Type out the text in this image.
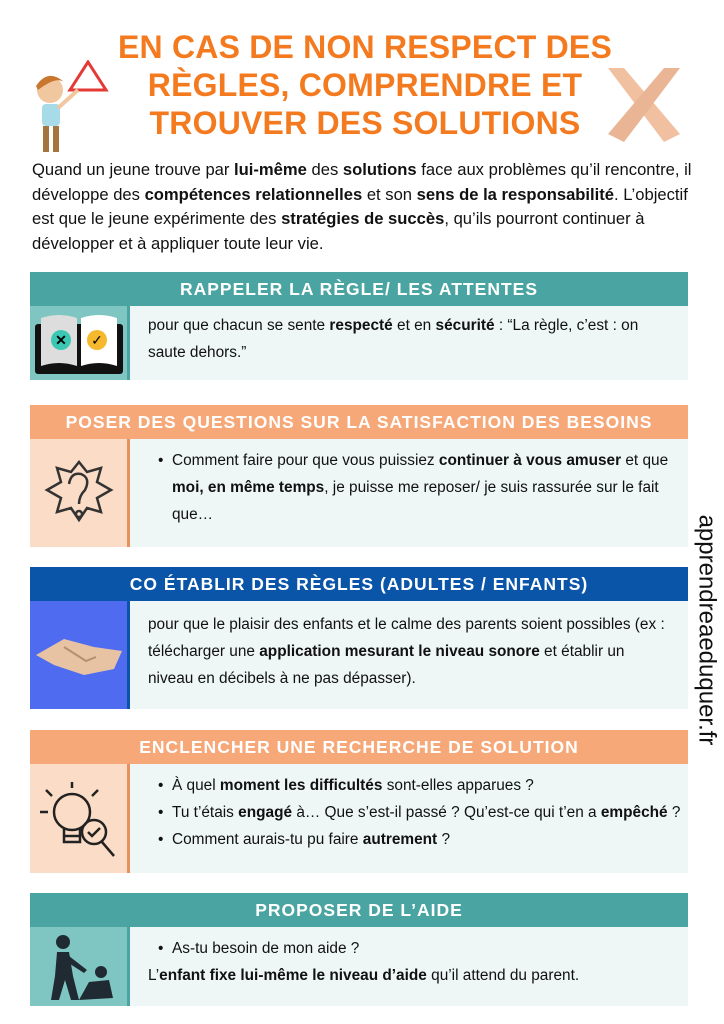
EN CAS DE NON RESPECT DES
RÈGLES, COMPRENDRE ET
TROUVER DES SOLUTIONS
Quand un jeune trouve par lui-même des solutions face aux problèmes qu’il rencontre, il développe des compétences relationnelles et son sens de la responsabilité. L’objectif est que le jeune expérimente des stratégies de succès, qu’ils pourront continuer à développer et à appliquer toute leur vie.
apprendreaeduquer.fr
RAPPELER LA RÈGLE/ LES ATTENTES
✕ ✓
pour que chacun se sente respecté et en sécurité : “La règle, c’est : on saute dehors.”
POSER DES QUESTIONS SUR LA SATISFACTION DES BESOINS
• Comment faire pour que vous puissiez continuer à vous amuser et que moi, en même temps, je puisse me reposer/ je suis rassurée sur le fait que…
CO ÉTABLIR DES RÈGLES (ADULTES / ENFANTS)
pour que le plaisir des enfants et le calme des parents soient possibles (ex : télécharger une application mesurant le niveau sonore et établir un niveau en décibels à ne pas dépasser).
ENCLENCHER UNE RECHERCHE DE SOLUTION
• À quel moment les difficultés sont-elles apparues ?
• Tu t’étais engagé à… Que s’est-il passé ? Qu’est-ce qui t’en a empêché ?
• Comment aurais-tu pu faire autrement ?
PROPOSER DE L’AIDE
• As-tu besoin de mon aide ?
L’enfant fixe lui-même le niveau d’aide qu’il attend du parent.
